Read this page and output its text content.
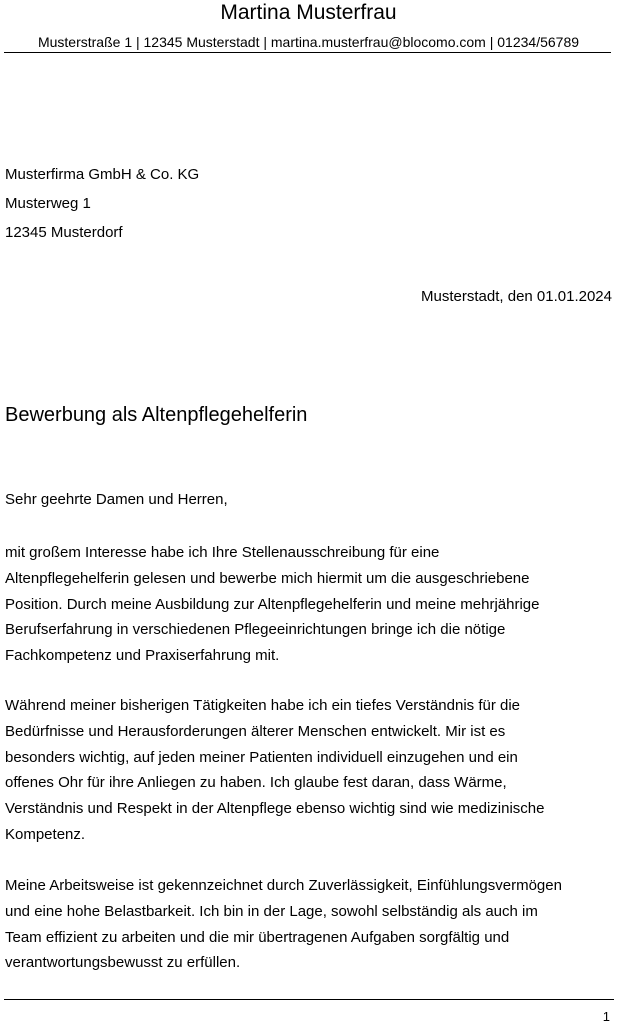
Martina Musterfrau
Musterstraße 1 | 12345 Musterstadt | martina.musterfrau@blocomo.com | 01234/56789
Musterfirma GmbH & Co. KG
Musterweg 1
12345 Musterdorf
Musterstadt, den 01.01.2024
Bewerbung als Altenpflegehelferin
Sehr geehrte Damen und Herren,
mit großem Interesse habe ich Ihre Stellenausschreibung für eine
Altenpflegehelferin gelesen und bewerbe mich hiermit um die ausgeschriebene
Position. Durch meine Ausbildung zur Altenpflegehelferin und meine mehrjährige
Berufserfahrung in verschiedenen Pflegeeinrichtungen bringe ich die nötige
Fachkompetenz und Praxiserfahrung mit.
Während meiner bisherigen Tätigkeiten habe ich ein tiefes Verständnis für die
Bedürfnisse und Herausforderungen älterer Menschen entwickelt. Mir ist es
besonders wichtig, auf jeden meiner Patienten individuell einzugehen und ein
offenes Ohr für ihre Anliegen zu haben. Ich glaube fest daran, dass Wärme,
Verständnis und Respekt in der Altenpflege ebenso wichtig sind wie medizinische
Kompetenz.
Meine Arbeitsweise ist gekennzeichnet durch Zuverlässigkeit, Einfühlungsvermögen
und eine hohe Belastbarkeit. Ich bin in der Lage, sowohl selbständig als auch im
Team effizient zu arbeiten und die mir übertragenen Aufgaben sorgfältig und
verantwortungsbewusst zu erfüllen.
1
